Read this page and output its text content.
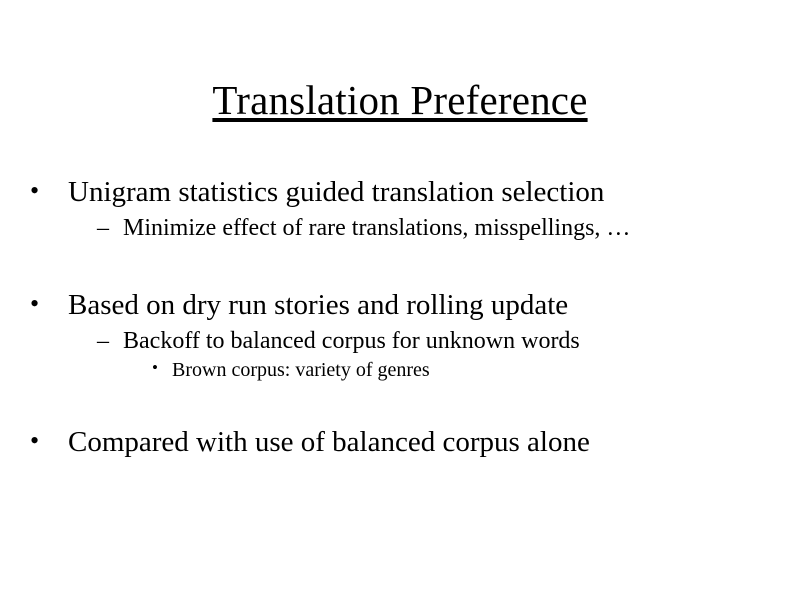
Translation Preference
• Unigram statistics guided translation selection
– Minimize effect of rare translations, misspellings, …
• Based on dry run stories and rolling update
– Backoff to balanced corpus for unknown words
• Brown corpus: variety of genres
• Compared with use of balanced corpus alone
